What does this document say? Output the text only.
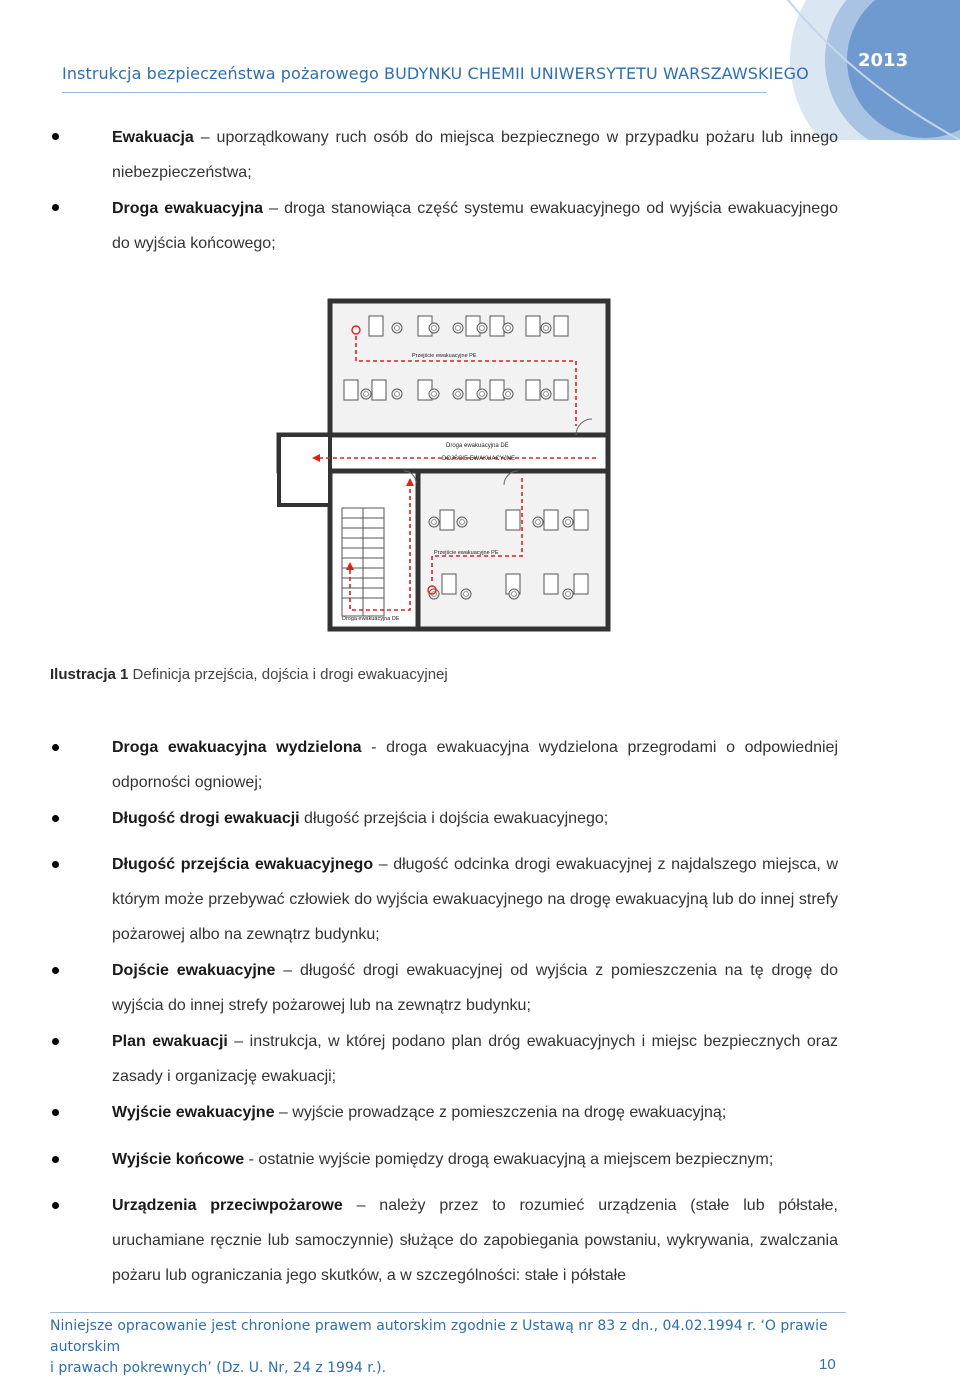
Instrukcja bezpieczeństwa pożarowego BUDYNKU CHEMII UNIWERSYTETU WARSZAWSKIEGO
2013
Ewakuacja – uporządkowany ruch osób do miejsca bezpiecznego w przypadku pożaru lub innego niebezpieczeństwa;
Droga ewakuacyjna – droga stanowiąca część systemu ewakuacyjnego od wyjścia ewakuacyjnego do wyjścia końcowego;
Przejście ewakuacyjne PE
Droga ewakuacyjna DE
DOJŚCIE EWAKUACYJNE
Przejście ewakuacyjne PE
Droga ewakuacyjna DE
Ilustracja 1 Definicja przejścia, dojścia i drogi ewakuacyjnej
Droga ewakuacyjna wydzielona - droga ewakuacyjna wydzielona przegrodami o odpowiedniej odporności ogniowej;
Długość drogi ewakuacji długość przejścia i dojścia ewakuacyjnego;
Długość przejścia ewakuacyjnego – długość odcinka drogi ewakuacyjnej z najdalszego miejsca, w którym może przebywać człowiek do wyjścia ewakuacyjnego na drogę ewakuacyjną lub do innej strefy pożarowej albo na zewnątrz budynku;
Dojście ewakuacyjne – długość drogi ewakuacyjnej od wyjścia z pomieszczenia na tę drogę do wyjścia do innej strefy pożarowej lub na zewnątrz budynku;
Plan ewakuacji – instrukcja, w której podano plan dróg ewakuacyjnych i miejsc bezpiecznych oraz zasady i organizację ewakuacji;
Wyjście ewakuacyjne – wyjście prowadzące z pomieszczenia na drogę ewakuacyjną;
Wyjście końcowe - ostatnie wyjście pomiędzy drogą ewakuacyjną a miejscem bezpiecznym;
Urządzenia przeciwpożarowe – należy przez to rozumieć urządzenia (stałe lub półstałe, uruchamiane ręcznie lub samoczynnie) służące do zapobiegania powstaniu, wykrywania, zwalczania pożaru lub ograniczania jego skutków, a w szczególności: stałe i półstałe
Niniejsze opracowanie jest chronione prawem autorskim zgodnie z Ustawą nr 83 z dn., 04.02.1994 r. ‘O prawie autorskim
i prawach pokrewnych’ (Dz. U. Nr, 24 z 1994 r.).	10
